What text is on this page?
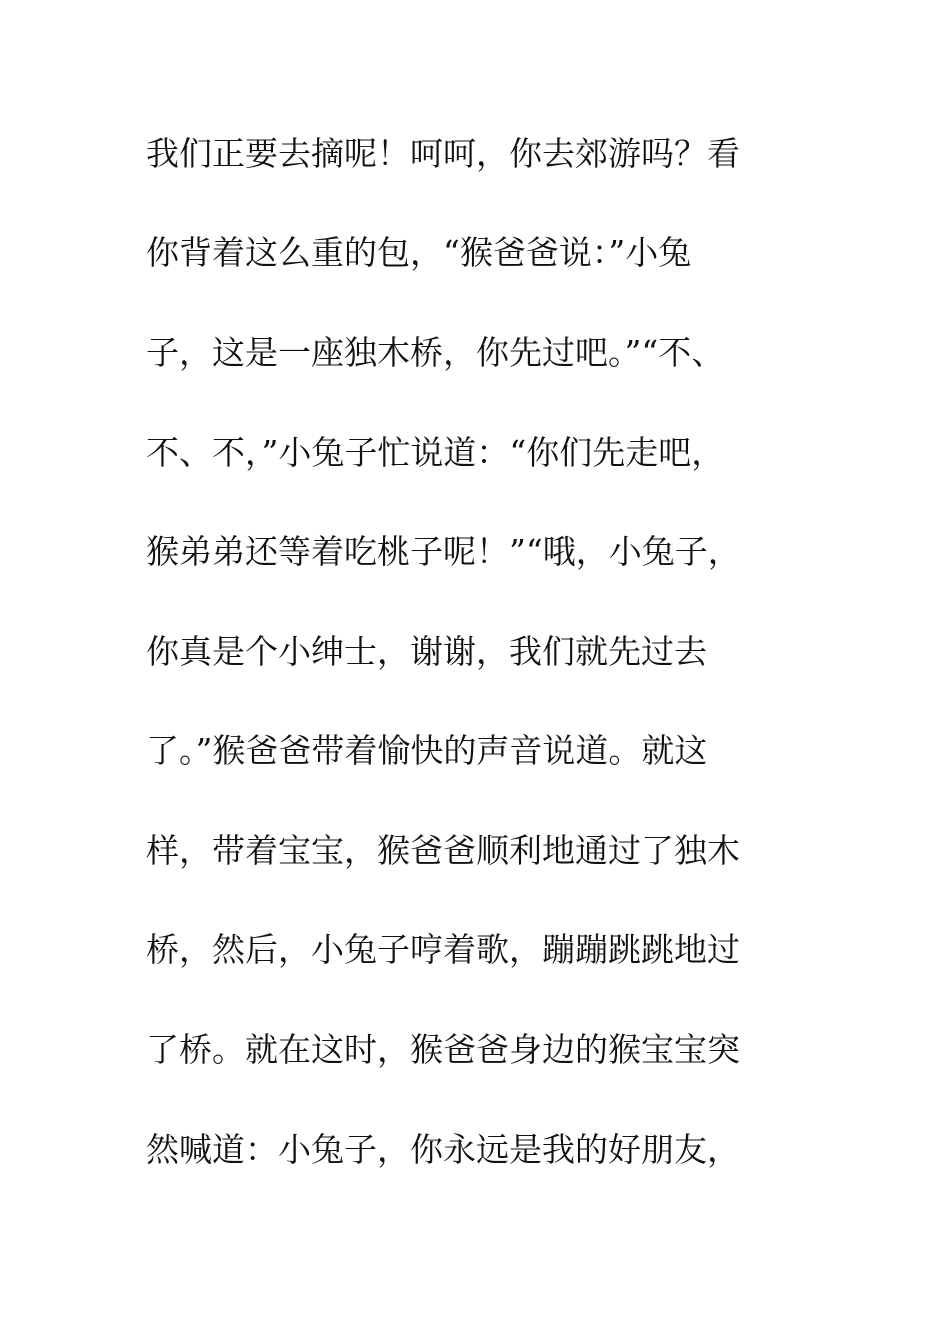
我们正要去摘呢！呵呵，你去郊游吗？看
你背着这么重的包，“猴爸爸说：”小兔
子，这是一座独木桥，你先过吧。”“不、
不、不，”小兔子忙说道：“你们先走吧，
猴弟弟还等着吃桃子呢！”“哦，小兔子，
你真是个小绅士，谢谢，我们就先过去
了。”猴爸爸带着愉快的声音说道。就这
样，带着宝宝，猴爸爸顺利地通过了独木
桥，然后，小兔子哼着歌，蹦蹦跳跳地过
了桥。就在这时，猴爸爸身边的猴宝宝突
然喊道：小兔子，你永远是我的好朋友，
